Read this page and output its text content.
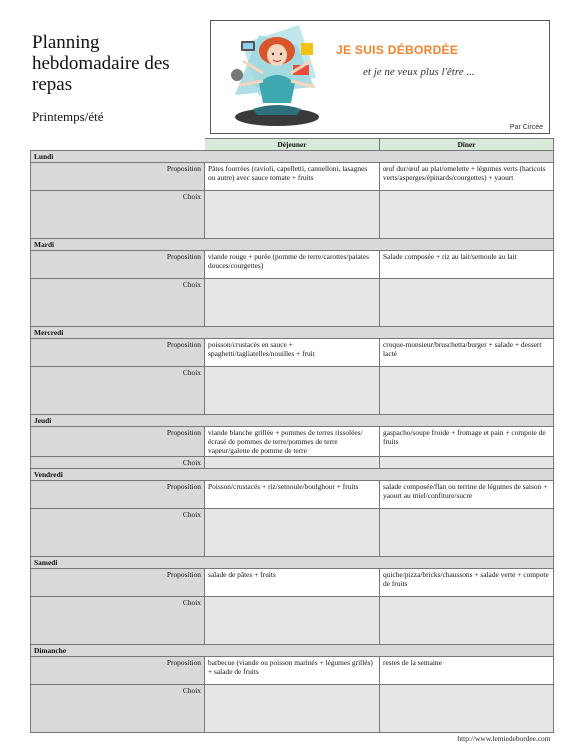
Planning hebdomadaire des repas
Printemps/été
JE SUIS DÉBORDÉE
et je ne veux plus l'être ...
Par Circée
	Déjeuner	Dîner
Lundi		
Proposition	Pâtes fourrées (ravioli, capelletti, cannelloni, lasagnes ou autre) avec sauce tomate + fruits	œuf dur/œuf au plat/omelette + légumes verts (haricots verts/asperges/épinards/courgettes) + yaourt
Choix		
Mardi		
Proposition	viande rouge + purée (pomme de terre/carottes/patates douces/courgettes)	Salade composée + riz au lait/semoule au lait
Choix		
Mercredi		
Proposition	poisson/crustacés en sauce + spaghetti/tagliatelles/nouilles + fruit	croque-monsieur/bruschetta/burger + salade + dessert lacté
Choix		
Jeudi		
Proposition	viande blanche grillée + pommes de terres rissolées/écrasé de pommes de terre/pommes de terre vapeur/galette de pomme de terre	gaspacho/soupe froide + fromage et pain + compote de fruits
Choix		
Vendredi		
Proposition	Poisson/crustacés + riz/semoule/boulghour + fruits	salade composée/flan ou terrine de légumes de saison + yaourt au miel/confiture/sucre
Choix		
Samedi		
Proposition	salade de pâtes + fruits	quiche/pizza/bricks/chaussons + salade verte + compote de fruits
Choix		
Dimanche		
Proposition	barbecue (viande ou poisson marinés + légumes grillés) + salade de fruits	restes de la semaine
Choix		
http://www.lemiedebordee.com		
